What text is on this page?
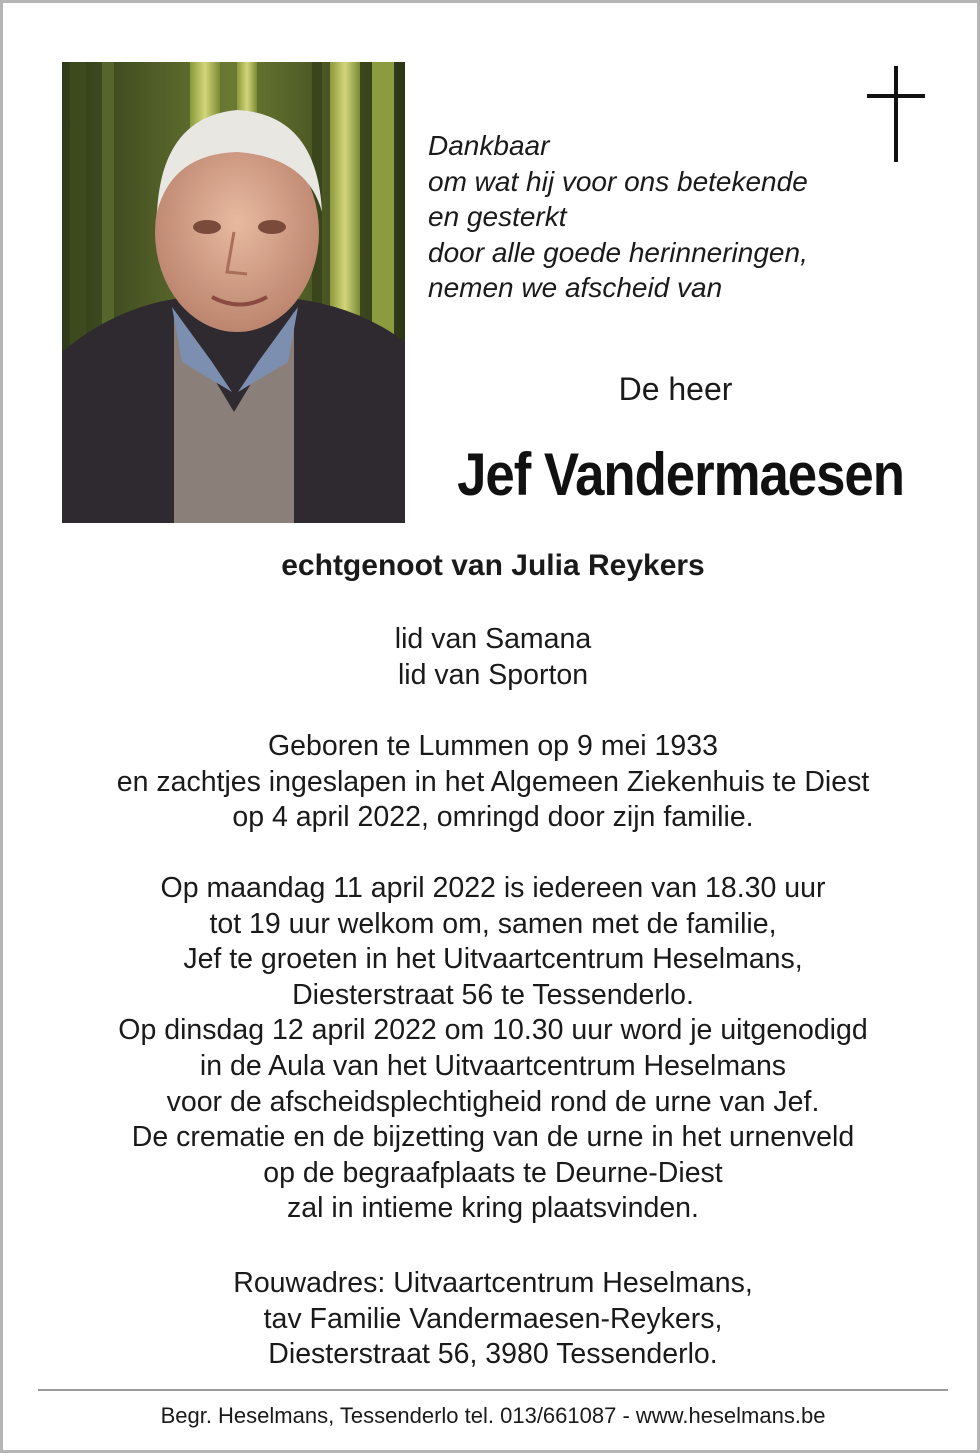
Dankbaar
om wat hij voor ons betekende
en gesterkt
door alle goede herinneringen,
nemen we afscheid van
De heer
Jef Vandermaesen
echtgenoot van Julia Reykers
lid van Samana
lid van Sporton
Geboren te Lummen op 9 mei 1933
en zachtjes ingeslapen in het Algemeen Ziekenhuis te Diest
op 4 april 2022, omringd door zijn familie.
Op maandag 11 april 2022 is iedereen van 18.30 uur
tot 19 uur welkom om, samen met de familie,
Jef te groeten in het Uitvaartcentrum Heselmans,
Diesterstraat 56 te Tessenderlo.
Op dinsdag 12 april 2022 om 10.30 uur word je uitgenodigd
in de Aula van het Uitvaartcentrum Heselmans
voor de afscheidsplechtigheid rond de urne van Jef.
De crematie en de bijzetting van de urne in het urnenveld
op de begraafplaats te Deurne-Diest
zal in intieme kring plaatsvinden.
Rouwadres: Uitvaartcentrum Heselmans,
tav Familie Vandermaesen-Reykers,
Diesterstraat 56, 3980 Tessenderlo.
Begr. Heselmans, Tessenderlo tel. 013/661087 - www.heselmans.be
